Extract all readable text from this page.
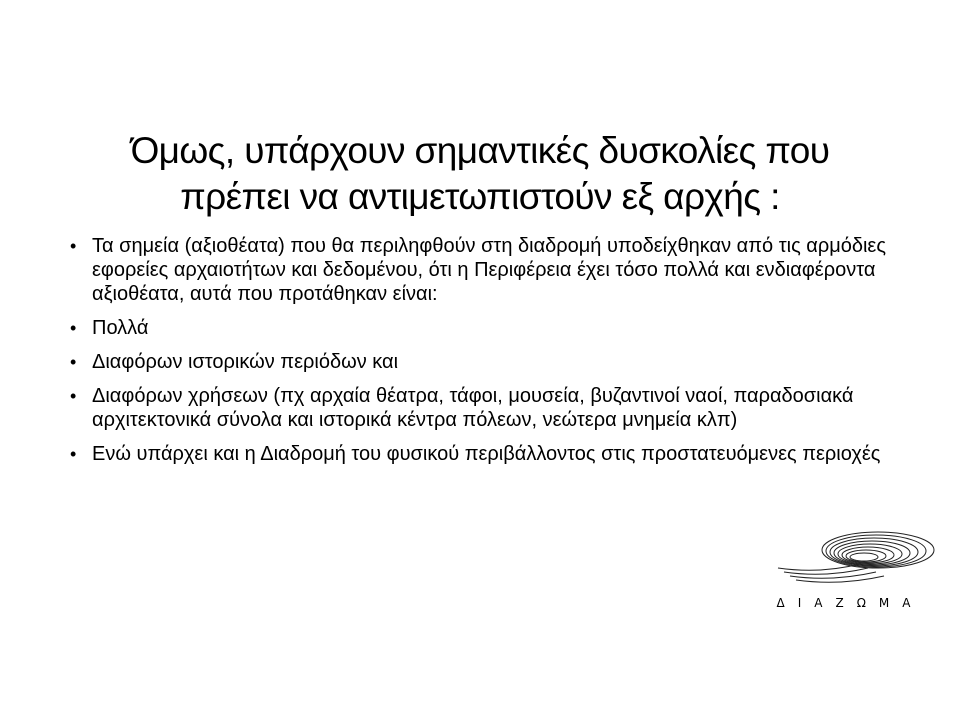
Όμως, υπάρχουν σημαντικές δυσκολίες που
πρέπει να αντιμετωπιστούν εξ αρχής :
• Τα σημεία (αξιοθέατα) που θα περιληφθούν στη διαδρομή υποδείχθηκαν από τις αρμόδιες εφορείες αρχαιοτήτων και δεδομένου, ότι η Περιφέρεια έχει τόσο πολλά και ενδιαφέροντα αξιοθέατα, αυτά που προτάθηκαν είναι:
• Πολλά
• Διαφόρων ιστορικών περιόδων και
• Διαφόρων χρήσεων (πχ αρχαία θέατρα, τάφοι, μουσεία, βυζαντινοί ναοί, παραδοσιακά αρχιτεκτονικά σύνολα και ιστορικά κέντρα πόλεων, νεώτερα μνημεία κλπ)
• Ενώ υπάρχει και η Διαδρομή του φυσικού περιβάλλοντος στις προστατευόμενες περιοχές
ΔΙΑΖΩΜΑ
